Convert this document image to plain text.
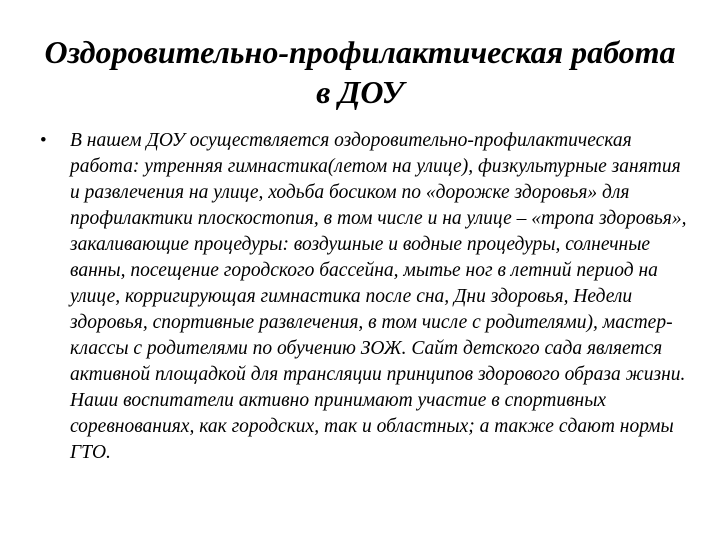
Оздоровительно-профилактическая работа в ДОУ
• В нашем ДОУ осуществляется оздоровительно-профилактическая работа: утренняя гимнастика(летом на улице), физкультурные занятия и развлечения на улице, ходьба босиком по «дорожке здоровья» для профилактики плоскостопия, в том числе и на улице – «тропа здоровья», закаливающие процедуры: воздушные и водные процедуры, солнечные ванны, посещение городского бассейна, мытье ног в летний период на улице, корригирующая гимнастика после сна, Дни здоровья, Недели здоровья, спортивные развлечения, в том числе с родителями), мастер-классы с родителями по обучению ЗОЖ. Сайт детского сада является активной площадкой для трансляции принципов здорового образа жизни. Наши воспитатели активно принимают участие в спортивных соревнованиях, как городских, так и областных; а также сдают нормы ГТО.
